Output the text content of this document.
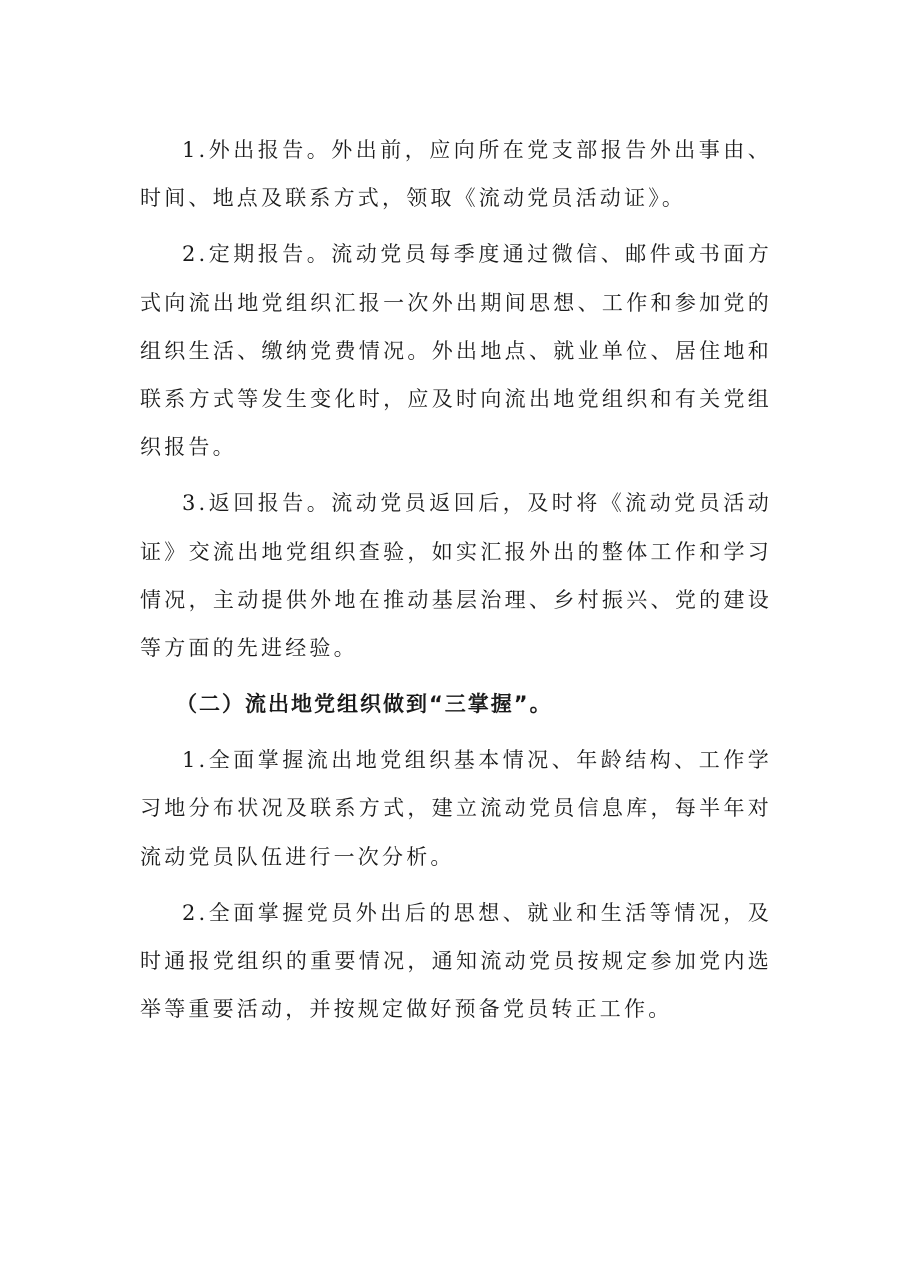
1.外出报告。外出前，应向所在党支部报告外出事由、时间、地点及联系方式，领取《流动党员活动证》。

2.定期报告。流动党员每季度通过微信、邮件或书面方式向流出地党组织汇报一次外出期间思想、工作和参加党的组织生活、缴纳党费情况。外出地点、就业单位、居住地和联系方式等发生变化时，应及时向流出地党组织和有关党组织报告。

3.返回报告。流动党员返回后，及时将《流动党员活动证》交流出地党组织查验，如实汇报外出的整体工作和学习情况，主动提供外地在推动基层治理、乡村振兴、党的建设等方面的先进经验。

（二）流出地党组织做到“三掌握”。

1.全面掌握流出地党组织基本情况、年龄结构、工作学习地分布状况及联系方式，建立流动党员信息库，每半年对流动党员队伍进行一次分析。

2.全面掌握党员外出后的思想、就业和生活等情况，及时通报党组织的重要情况，通知流动党员按规定参加党内选举等重要活动，并按规定做好预备党员转正工作。
